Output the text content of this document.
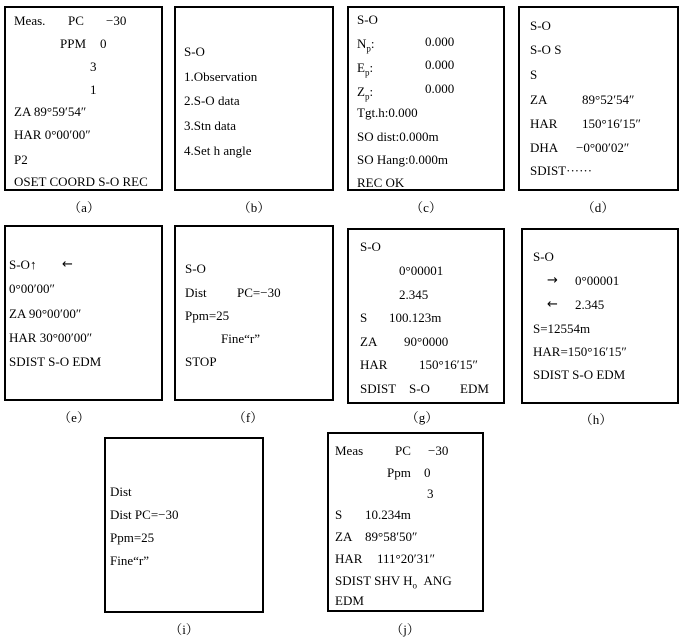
Meas. PC −30
PPM 0
3
1
ZA 89°59′54″
HAR 0°00′00″
P2
OSET COORD S-O REC
（a）
S-O
1.Observation
2.S-O data
3.Stn data
4.Set h angle
（b）
S-O
$N_p$:	0.000
$E_p$:	0.000
$Z_p$:	0.000
Tgt.h:0.000
SO dist:0.000m
SO Hang:0.000m
REC OK
（c）
S-O
S-O S
S
ZA	89°52′54″
HAR 150°16′15″
DHA −0°00′02″
SDIST······
（d）
S-O↑ ←
0°00′00″
ZA 90°00′00″
HAR 30°00′00″
SDIST S-O EDM
（e）
S-O
Dist PC=−30
Ppm=25
Fine“r”
STOP
（f）
S-O
0°00001
2.345
S 100.123m
ZA 90°0000
HAR 150°16′15″
SDIST S-O EDM
（g）
S-O
→ 0°00001
← 2.345
S=12554m
HAR=150°16′15″
SDIST S-O EDM
（h）
Dist
Dist PC=−30
Ppm=25
Fine“r”
（i）
Meas PC −30
Ppm 0
3
S 10.234m
ZA 89°58′50″
HAR 111°20′31″
SDIST SHV $H_o$ ANG
EDM
（j）
